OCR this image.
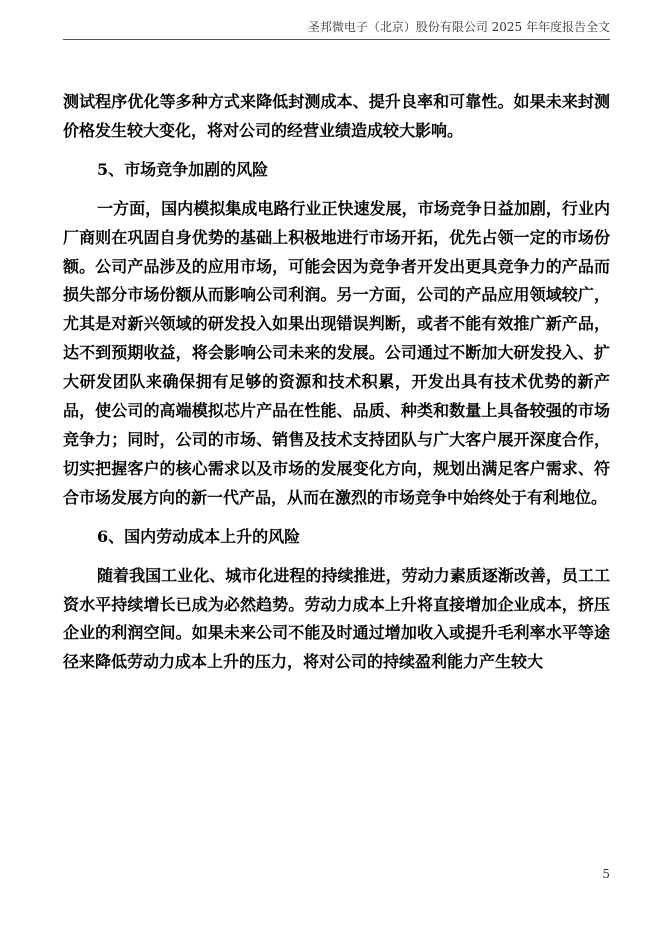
圣邦微电子（北京）股份有限公司 2025 年年度报告全文

测试程序优化等多种方式来降低封测成本、提升良率和可靠性。如果未来封测价格发生较大变化，将对公司的经营业绩造成较大影响。

5、市场竞争加剧的风险

一方面，国内模拟集成电路行业正快速发展，市场竞争日益加剧，行业内厂商则在巩固自身优势的基础上积极地进行市场开拓，优先占领一定的市场份额。公司产品涉及的应用市场，可能会因为竞争者开发出更具竞争力的产品而损失部分市场份额从而影响公司利润。另一方面，公司的产品应用领域较广，尤其是对新兴领域的研发投入如果出现错误判断，或者不能有效推广新产品，达不到预期收益，将会影响公司未来的发展。公司通过不断加大研发投入、扩大研发团队来确保拥有足够的资源和技术积累，开发出具有技术优势的新产品，使公司的高端模拟芯片产品在性能、品质、种类和数量上具备较强的市场竞争力；同时，公司的市场、销售及技术支持团队与广大客户展开深度合作，切实把握客户的核心需求以及市场的发展变化方向，规划出满足客户需求、符合市场发展方向的新一代产品，从而在激烈的市场竞争中始终处于有利地位。

6、国内劳动成本上升的风险

随着我国工业化、城市化进程的持续推进，劳动力素质逐渐改善，员工工资水平持续增长已成为必然趋势。劳动力成本上升将直接增加企业成本，挤压企业的利润空间。如果未来公司不能及时通过增加收入或提升毛利率水平等途径来降低劳动力成本上升的压力，将对公司的持续盈利能力产生较大

5
